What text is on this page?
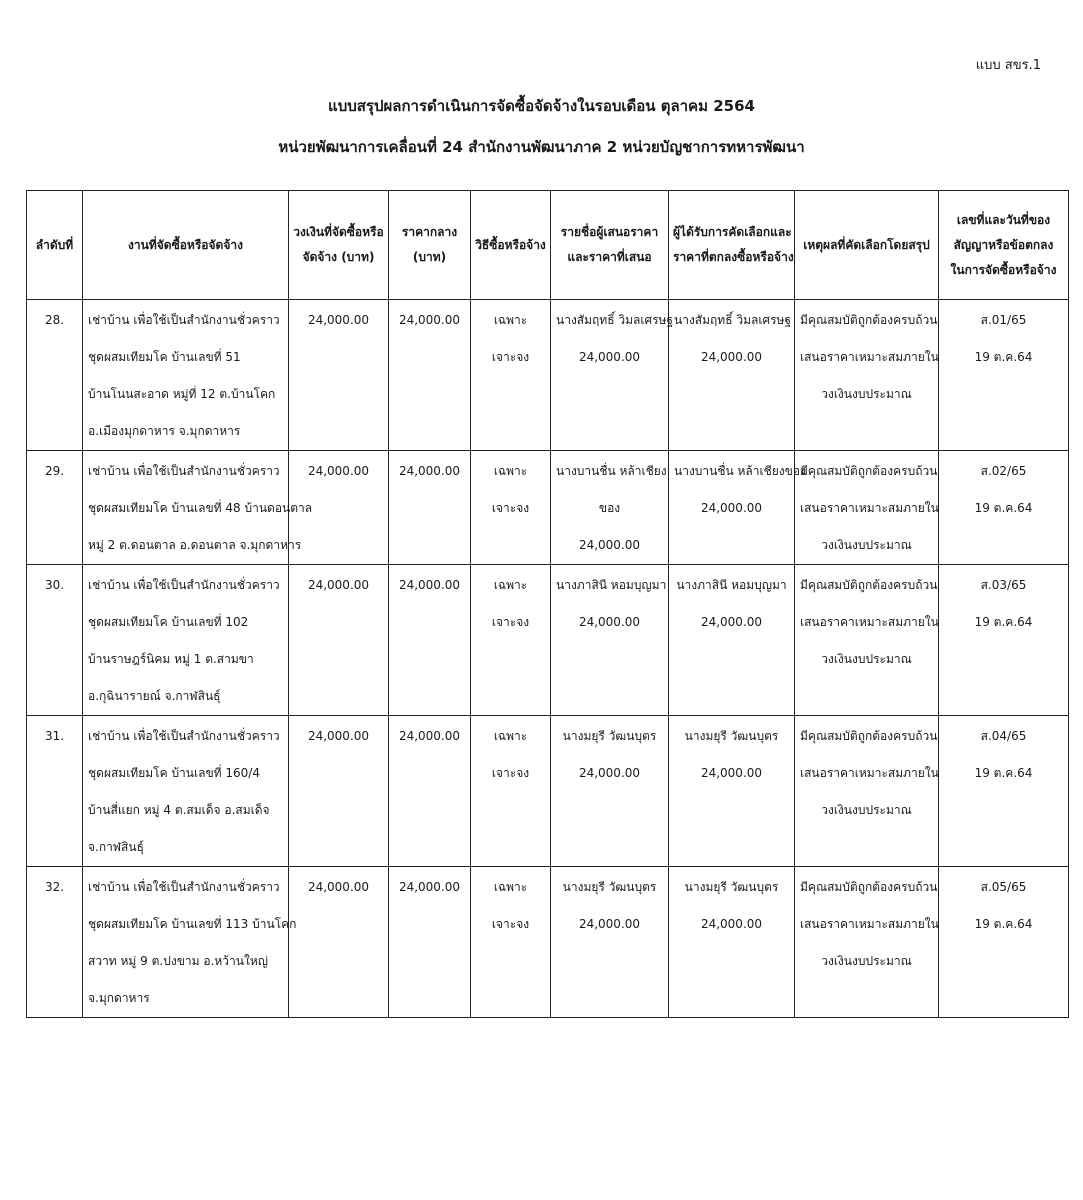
แบบ สขร.1
แบบสรุปผลการดำเนินการจัดซื้อจัดจ้างในรอบเดือน ตุลาคม 2564
หน่วยพัฒนาการเคลื่อนที่ 24 สำนักงานพัฒนาภาค 2 หน่วยบัญชาการทหารพัฒนา
ลำดับที่	งานที่จัดซื้อหรือจัดจ้าง	วงเงินที่จัดซื้อหรือ
จัดจ้าง (บาท)	ราคากลาง
(บาท)	วิธีซื้อหรือจ้าง	รายชื่อผู้เสนอราคา
และราคาที่เสนอ	ผู้ได้รับการคัดเลือกและ
ราคาที่ตกลงซื้อหรือจ้าง	เหตุผลที่คัดเลือกโดยสรุป	เลขที่และวันที่ของ
สัญญาหรือข้อตกลง
ในการจัดซื้อหรือจ้าง

28.	เช่าบ้าน เพื่อใช้เป็นสำนักงานชั่วคราว
ชุดผสมเทียมโค บ้านเลขที่ 51
บ้านโนนสะอาด หมู่ที่ 12 ต.บ้านโคก
อ.เมืองมุกดาหาร จ.มุกดาหาร	24,000.00	24,000.00	เฉพาะเจาะจง	นางสัมฤทธิ์ วิมลเศรษฐ
24,000.00	นางสัมฤทธิ์ วิมลเศรษฐ
24,000.00	มีคุณสมบัติถูกต้องครบถ้วน
เสนอราคาเหมาะสมภายใน
วงเงินงบประมาณ	ส.01/65
19 ต.ค.64

29.	เช่าบ้าน เพื่อใช้เป็นสำนักงานชั่วคราว
ชุดผสมเทียมโค บ้านเลขที่ 48 บ้านดอนตาล
หมู่ 2 ต.ดอนตาล อ.ดอนตาล จ.มุกดาหาร	24,000.00	24,000.00	เฉพาะเจาะจง	นางบานชื่น หล้าเชียง
ของ
24,000.00	นางบานชื่น หล้าเชียงของ
24,000.00	มีคุณสมบัติถูกต้องครบถ้วน
เสนอราคาเหมาะสมภายใน
วงเงินงบประมาณ	ส.02/65
19 ต.ค.64

30.	เช่าบ้าน เพื่อใช้เป็นสำนักงานชั่วคราว
ชุดผสมเทียมโค บ้านเลขที่ 102
บ้านราษฎร์นิคม หมู่ 1 ต.สามขา
อ.กุฉินารายณ์ จ.กาฬสินธุ์	24,000.00	24,000.00	เฉพาะเจาะจง	นางภาสินี หอมบุญมา
24,000.00	นางภาสินี หอมบุญมา
24,000.00	มีคุณสมบัติถูกต้องครบถ้วน
เสนอราคาเหมาะสมภายใน
วงเงินงบประมาณ	ส.03/65
19 ต.ค.64

31.	เช่าบ้าน เพื่อใช้เป็นสำนักงานชั่วคราว
ชุดผสมเทียมโค บ้านเลขที่ 160/4
บ้านสี่แยก หมู่ 4 ต.สมเด็จ อ.สมเด็จ
จ.กาฬสินธุ์	24,000.00	24,000.00	เฉพาะเจาะจง	นางมยุรี วัฒนบุตร
24,000.00	นางมยุรี วัฒนบุตร
24,000.00	มีคุณสมบัติถูกต้องครบถ้วน
เสนอราคาเหมาะสมภายใน
วงเงินงบประมาณ	ส.04/65
19 ต.ค.64

32.	เช่าบ้าน เพื่อใช้เป็นสำนักงานชั่วคราว
ชุดผสมเทียมโค บ้านเลขที่ 113 บ้านโคก
สวาท หมู่ 9 ต.ปงขาม อ.หว้านใหญ่
จ.มุกดาหาร	24,000.00	24,000.00	เฉพาะเจาะจง	นางมยุรี วัฒนบุตร
24,000.00	นางมยุรี วัฒนบุตร
24,000.00	มีคุณสมบัติถูกต้องครบถ้วน
เสนอราคาเหมาะสมภายใน
วงเงินงบประมาณ	ส.05/65
19 ต.ค.64
